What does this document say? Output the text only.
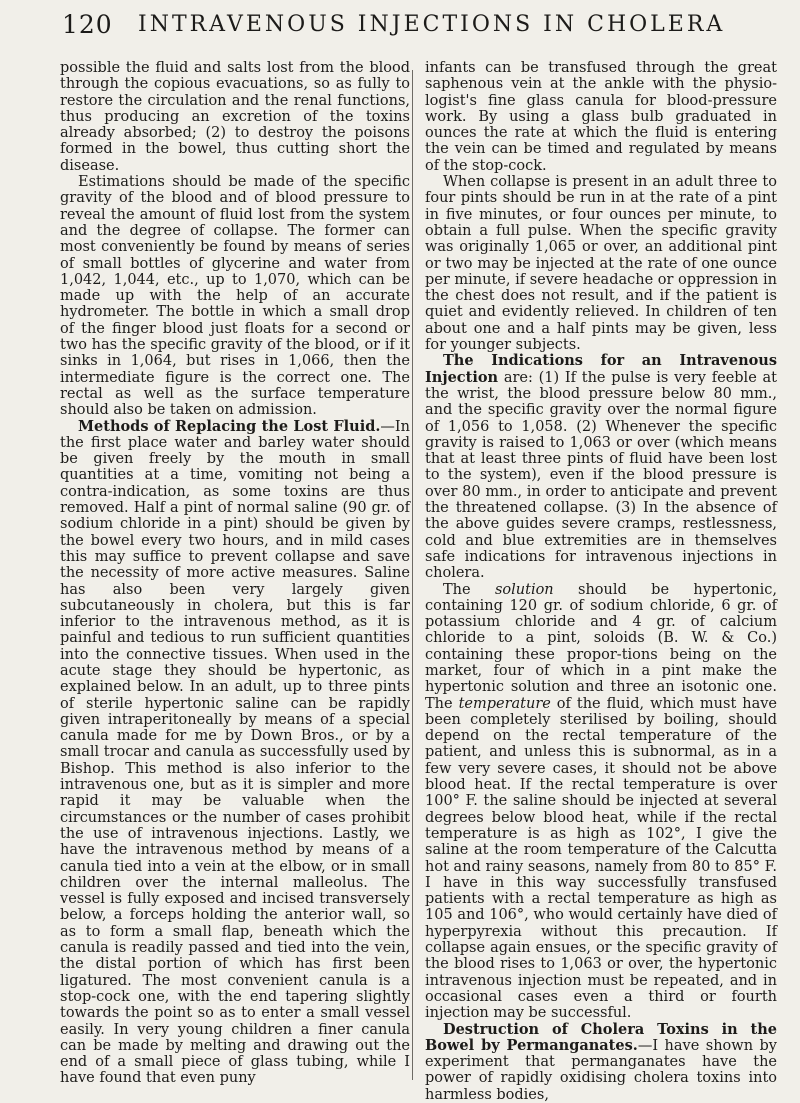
120 INTRAVENOUS INJECTIONS IN CHOLERA

possible the fluid and salts lost from the blood through the copious evacuations, so as fully to restore the circulation and the renal functions, thus producing an excretion of the toxins already absorbed; (2) to destroy the poisons formed in the bowel, thus cutting short the disease.

Estimations should be made of the specific gravity of the blood and of blood pressure to reveal the amount of fluid lost from the system and the degree of collapse. The former can most conveniently be found by means of series of small bottles of glycerine and water from 1,042, 1,044, etc., up to 1,070, which can be made up with the help of an accurate hydrometer. The bottle in which a small drop of the finger blood just floats for a second or two has the specific gravity of the blood, or if it sinks in 1,064, but rises in 1,066, then the intermediate figure is the correct one. The rectal as well as the surface temperature should also be taken on admission.

Methods of Replacing the Lost Fluid.—In the first place water and barley water should be given freely by the mouth in small quantities at a time, vomiting not being a contra-indication, as some toxins are thus removed. Half a pint of normal saline (90 gr. of sodium chloride in a pint) should be given by the bowel every two hours, and in mild cases this may suffice to prevent collapse and save the necessity of more active measures. Saline has also been very largely given subcutaneously in cholera, but this is far inferior to the intravenous method, as it is painful and tedious to run sufficient quantities into the connective tissues. When used in the acute stage they should be hypertonic, as explained below. In an adult, up to three pints of sterile hypertonic saline can be rapidly given intraperitoneally by means of a special canula made for me by Down Bros., or by a small trocar and canula as successfully used by Bishop. This method is also inferior to the intravenous one, but as it is simpler and more rapid it may be valuable when the circumstances or the number of cases prohibit the use of intravenous injections. Lastly, we have the intravenous method by means of a canula tied into a vein at the elbow, or in small children over the internal malleolus. The vessel is fully exposed and incised transversely below, a forceps holding the anterior wall, so as to form a small flap, beneath which the canula is readily passed and tied into the vein, the distal portion of which has first been ligatured. The most convenient canula is a stop-cock one, with the end tapering slightly towards the point so as to enter a small vessel easily. In very young children a finer canula can be made by melting and drawing out the end of a small piece of glass tubing, while I have found that even puny

infants can be transfused through the great saphenous vein at the ankle with the physio-logist's fine glass canula for blood-pressure work. By using a glass bulb graduated in ounces the rate at which the fluid is entering the vein can be timed and regulated by means of the stop-cock.

When collapse is present in an adult three to four pints should be run in at the rate of a pint in five minutes, or four ounces per minute, to obtain a full pulse. When the specific gravity was originally 1,065 or over, an additional pint or two may be injected at the rate of one ounce per minute, if severe headache or oppression in the chest does not result, and if the patient is quiet and evidently relieved. In children of ten about one and a half pints may be given, less for younger subjects.

The Indications for an Intravenous Injection are: (1) If the pulse is very feeble at the wrist, the blood pressure below 80 mm., and the specific gravity over the normal figure of 1,056 to 1,058. (2) Whenever the specific gravity is raised to 1,063 or over (which means that at least three pints of fluid have been lost to the system), even if the blood pressure is over 80 mm., in order to anticipate and prevent the threatened collapse. (3) In the absence of the above guides severe cramps, restlessness, cold and blue extremities are in themselves safe indications for intravenous injections in cholera.

The solution should be hypertonic, containing 120 gr. of sodium chloride, 6 gr. of potassium chloride and 4 gr. of calcium chloride to a pint, soloids (B. W. & Co.) containing these propor-tions being on the market, four of which in a pint make the hypertonic solution and three an isotonic one. The temperature of the fluid, which must have been completely sterilised by boiling, should depend on the rectal temperature of the patient, and unless this is subnormal, as in a few very severe cases, it should not be above blood heat. If the rectal temperature is over 100° F. the saline should be injected at several degrees below blood heat, while if the rectal temperature is as high as 102°, I give the saline at the room temperature of the Calcutta hot and rainy seasons, namely from 80 to 85° F. I have in this way successfully transfused patients with a rectal temperature as high as 105 and 106°, who would certainly have died of hyperpyrexia without this precaution. If collapse again ensues, or the specific gravity of the blood rises to 1,063 or over, the hypertonic intravenous injection must be repeated, and in occasional cases even a third or fourth injection may be successful.

Destruction of Cholera Toxins in the Bowel by Permanganates.—I have shown by experiment that permanganates have the power of rapidly oxidising cholera toxins into harmless bodies,
